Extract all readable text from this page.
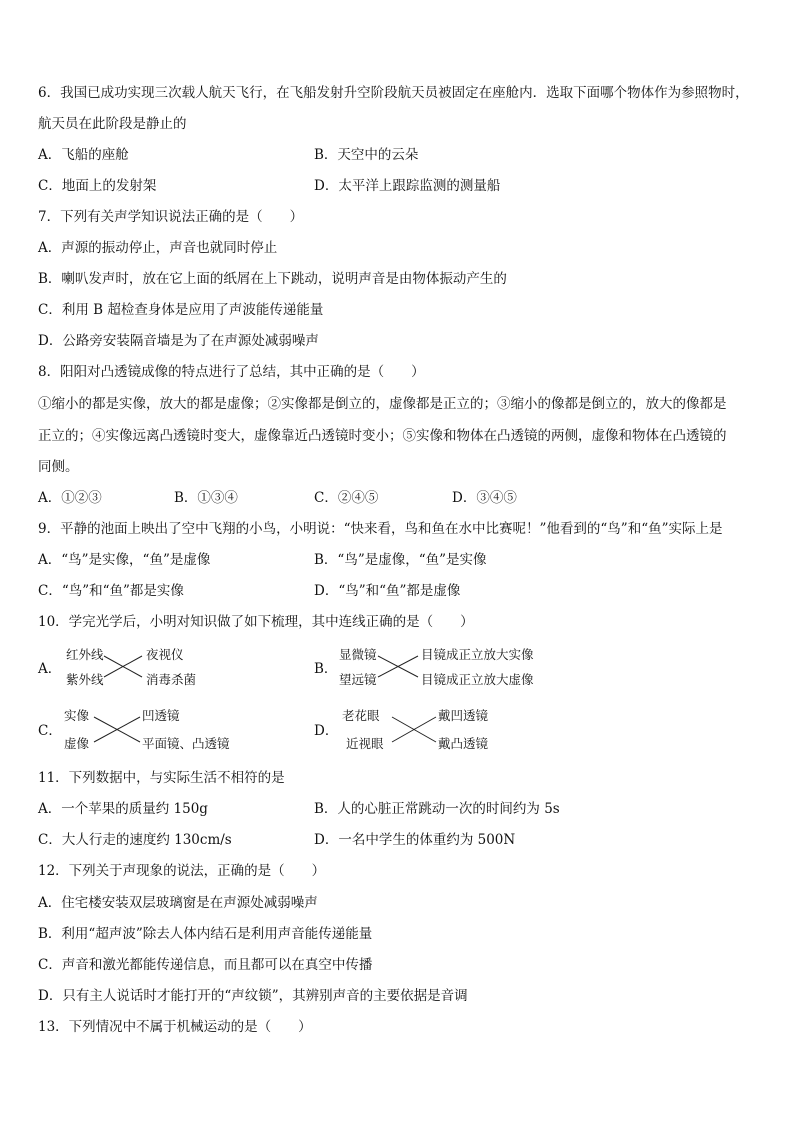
6．我国已成功实现三次载人航天飞行，在飞船发射升空阶段航天员被固定在座舱内．选取下面哪个物体作为参照物时，
航天员在此阶段是静止的
A．飞船的座舱	B．天空中的云朵
C．地面上的发射架	D．太平洋上跟踪监测的测量船
7．下列有关声学知识说法正确的是（　　）
A．声源的振动停止，声音也就同时停止
B．喇叭发声时，放在它上面的纸屑在上下跳动，说明声音是由物体振动产生的
C．利用 B 超检查身体是应用了声波能传递能量
D．公路旁安装隔音墙是为了在声源处减弱噪声
8．阳阳对凸透镜成像的特点进行了总结，其中正确的是（　　）
①缩小的都是实像，放大的都是虚像；②实像都是倒立的，虚像都是正立的；③缩小的像都是倒立的，放大的像都是
正立的；④实像远离凸透镜时变大，虚像靠近凸透镜时变小；⑤实像和物体在凸透镜的两侧，虚像和物体在凸透镜的
同侧。
A．①②③	B．①③④	C．②④⑤	D．③④⑤
9．平静的池面上映出了空中飞翔的小鸟，小明说：“快来看，鸟和鱼在水中比赛呢！”他看到的“鸟”和“鱼”实际上是
A．“鸟”是实像，“鱼”是虚像	B．“鸟”是虚像，“鱼”是实像
C．“鸟”和“鱼”都是实像	D．“鸟”和“鱼”都是虚像
10．学完光学后，小明对知识做了如下梳理，其中连线正确的是（　　）
A．
红外线
紫外线
夜视仪
消毒杀菌
B．
显微镜
望远镜
目镜成正立放大实像
目镜成正立放大虚像
C．
实像
虚像
凹透镜
平面镜、凸透镜
D．
老花眼
近视眼
戴凹透镜
戴凸透镜
11．下列数据中，与实际生活不相符的是
A．一个苹果的质量约 150g	B．人的心脏正常跳动一次的时间约为 5s
C．大人行走的速度约 130cm/s	D．一名中学生的体重约为 500N
12．下列关于声现象的说法，正确的是（　　）
A．住宅楼安装双层玻璃窗是在声源处减弱噪声
B．利用“超声波”除去人体内结石是利用声音能传递能量
C．声音和激光都能传递信息，而且都可以在真空中传播
D．只有主人说话时才能打开的“声纹锁”，其辨别声音的主要依据是音调
13．下列情况中不属于机械运动的是（　　）
